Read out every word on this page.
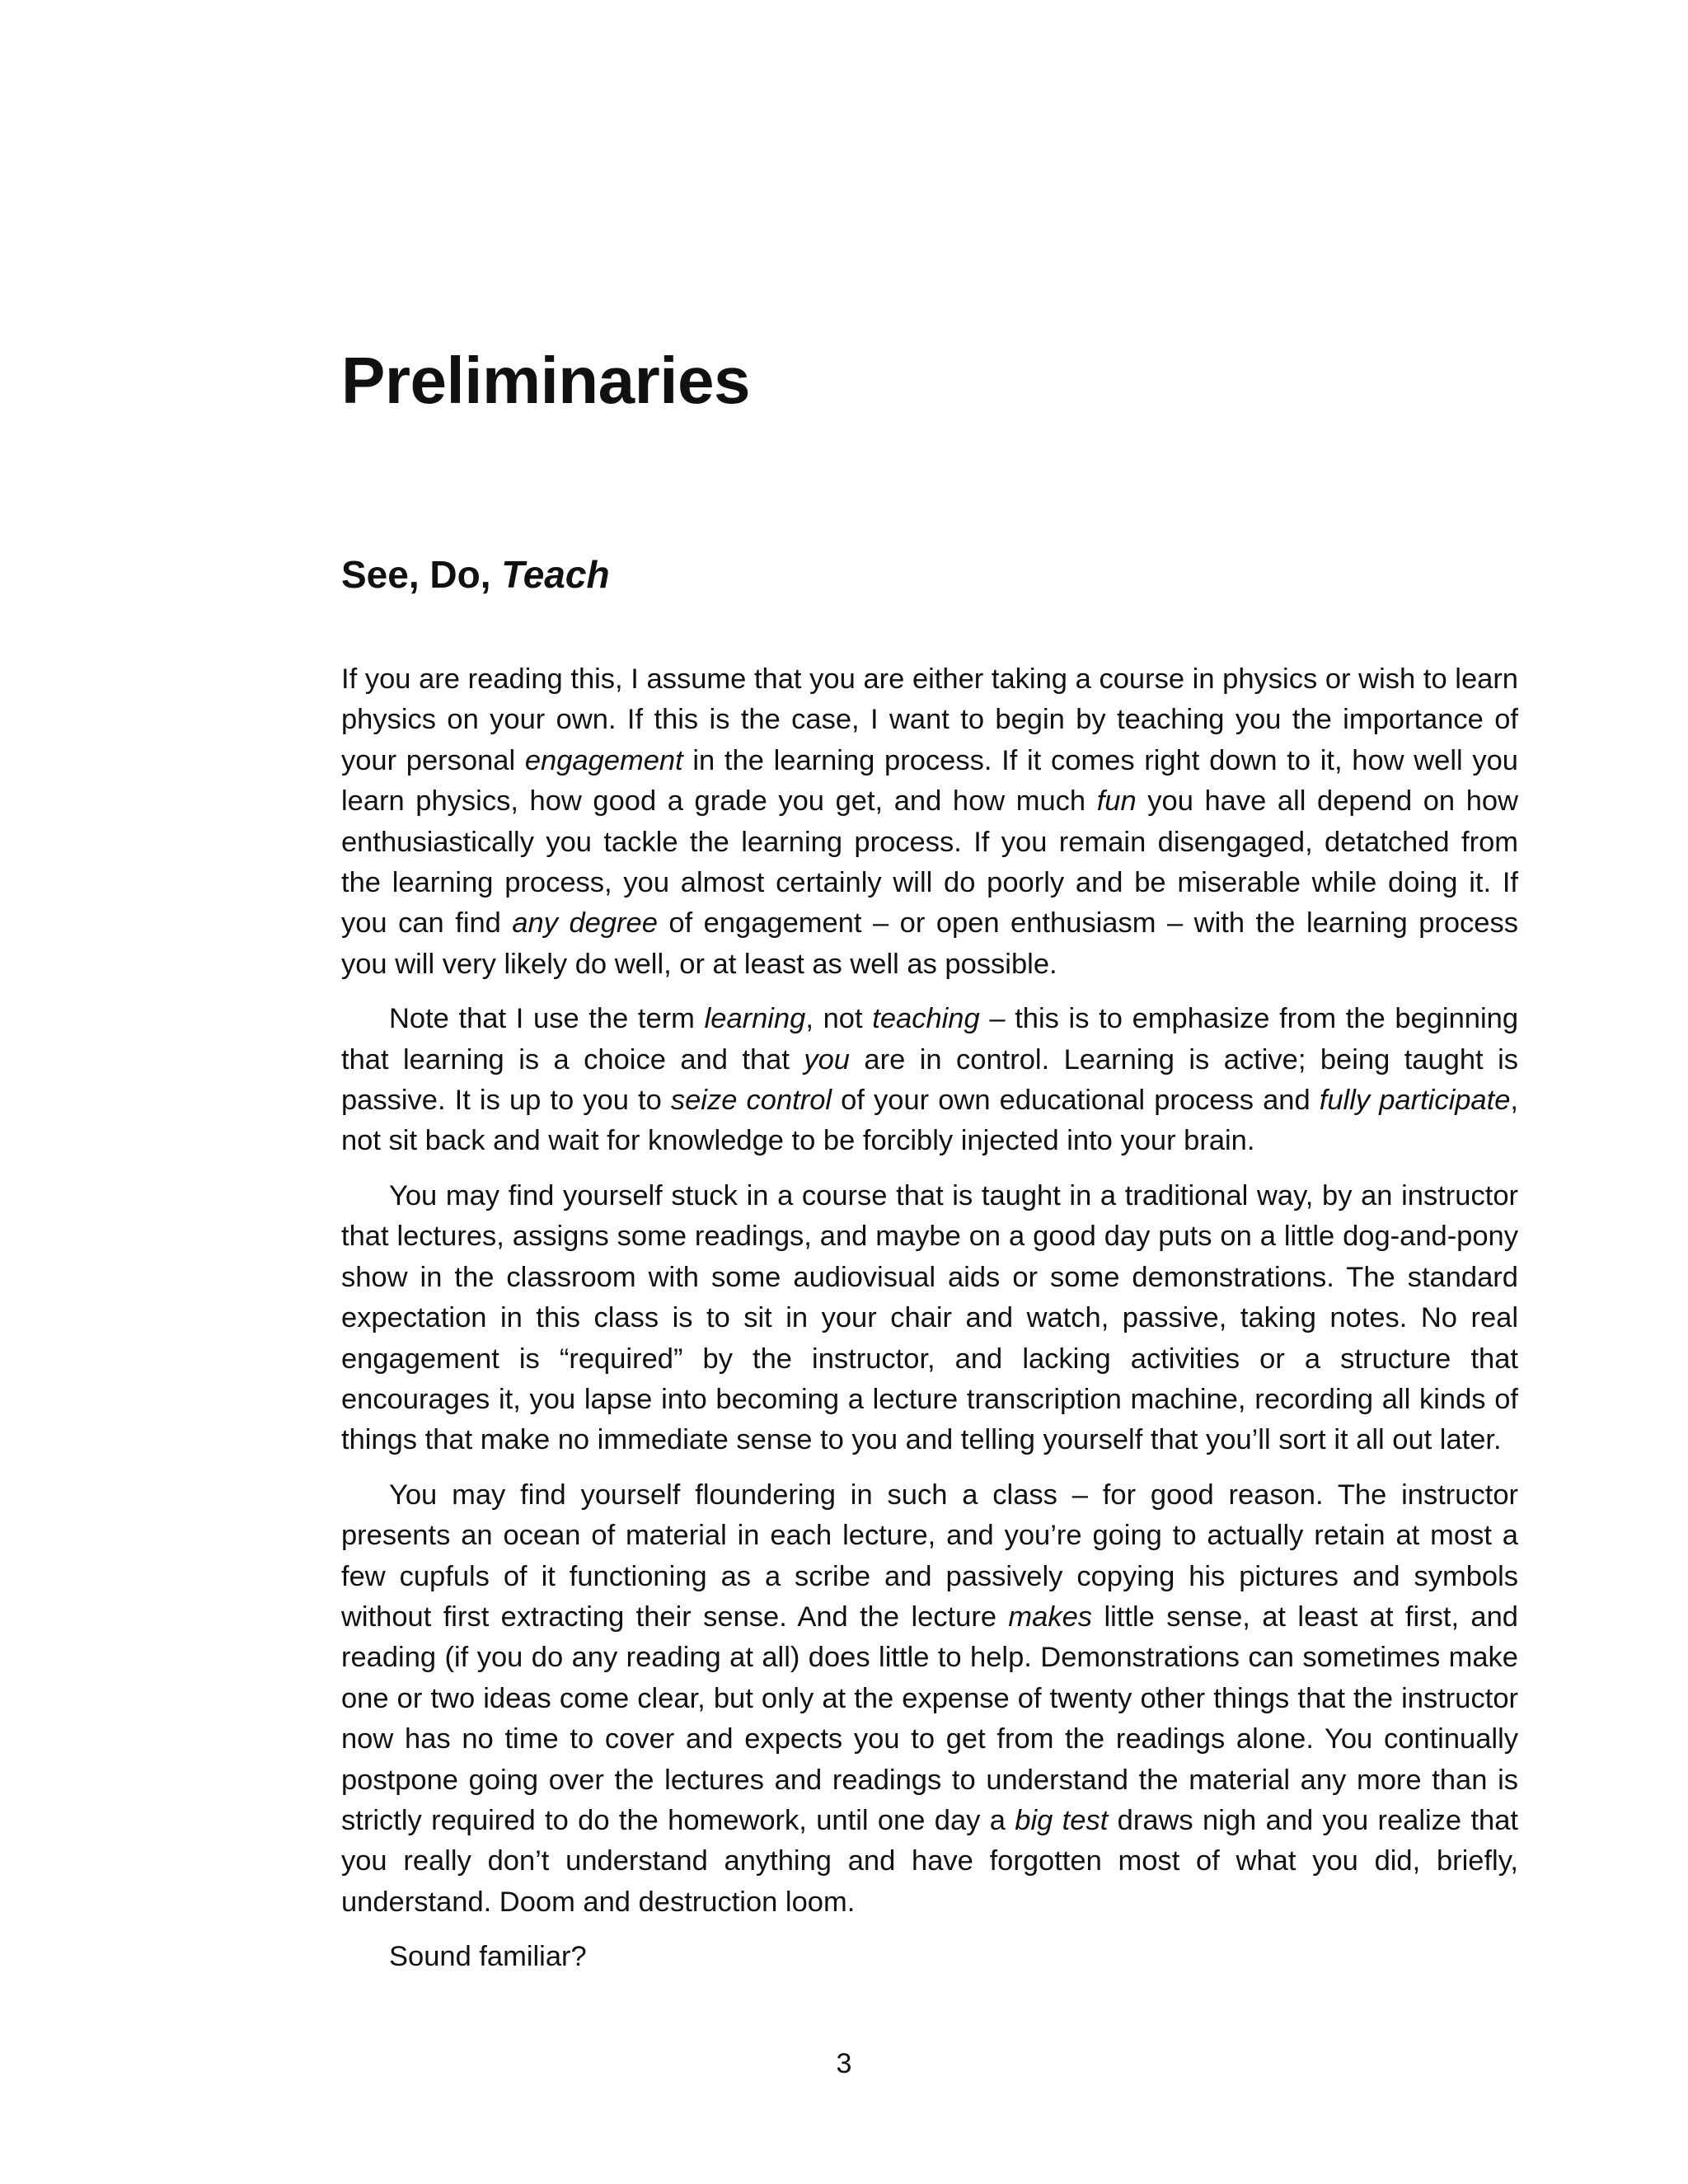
Preliminaries
See, Do, Teach

If you are reading this, I assume that you are either taking a course in physics or wish to learn physics on your own. If this is the case, I want to begin by teaching you the importance of your personal engagement in the learning process. If it comes right down to it, how well you learn physics, how good a grade you get, and how much fun you have all depend on how enthusiastically you tackle the learning process. If you remain disengaged, detatched from the learning process, you almost certainly will do poorly and be miserable while doing it. If you can find any degree of engagement – or open enthusiasm – with the learning process you will very likely do well, or at least as well as possible.

Note that I use the term learning, not teaching – this is to emphasize from the beginning that learning is a choice and that you are in control. Learning is active; being taught is passive. It is up to you to seize control of your own educational process and fully participate, not sit back and wait for knowledge to be forcibly injected into your brain.

You may find yourself stuck in a course that is taught in a traditional way, by an instructor that lectures, assigns some readings, and maybe on a good day puts on a little dog-and-pony show in the classroom with some audiovisual aids or some demonstrations. The standard expectation in this class is to sit in your chair and watch, passive, taking notes. No real engagement is “required” by the instructor, and lacking activities or a structure that encourages it, you lapse into becoming a lecture transcription machine, recording all kinds of things that make no immediate sense to you and telling yourself that you’ll sort it all out later.

You may find yourself floundering in such a class – for good reason. The instructor presents an ocean of material in each lecture, and you’re going to actually retain at most a few cupfuls of it functioning as a scribe and passively copying his pictures and symbols without first extracting their sense. And the lecture makes little sense, at least at first, and reading (if you do any reading at all) does little to help. Demonstrations can sometimes make one or two ideas come clear, but only at the expense of twenty other things that the instructor now has no time to cover and expects you to get from the readings alone. You continually postpone going over the lectures and readings to understand the material any more than is strictly required to do the homework, until one day a big test draws nigh and you realize that you really don’t understand anything and have forgotten most of what you did, briefly, understand. Doom and destruction loom.

Sound familiar?

3
